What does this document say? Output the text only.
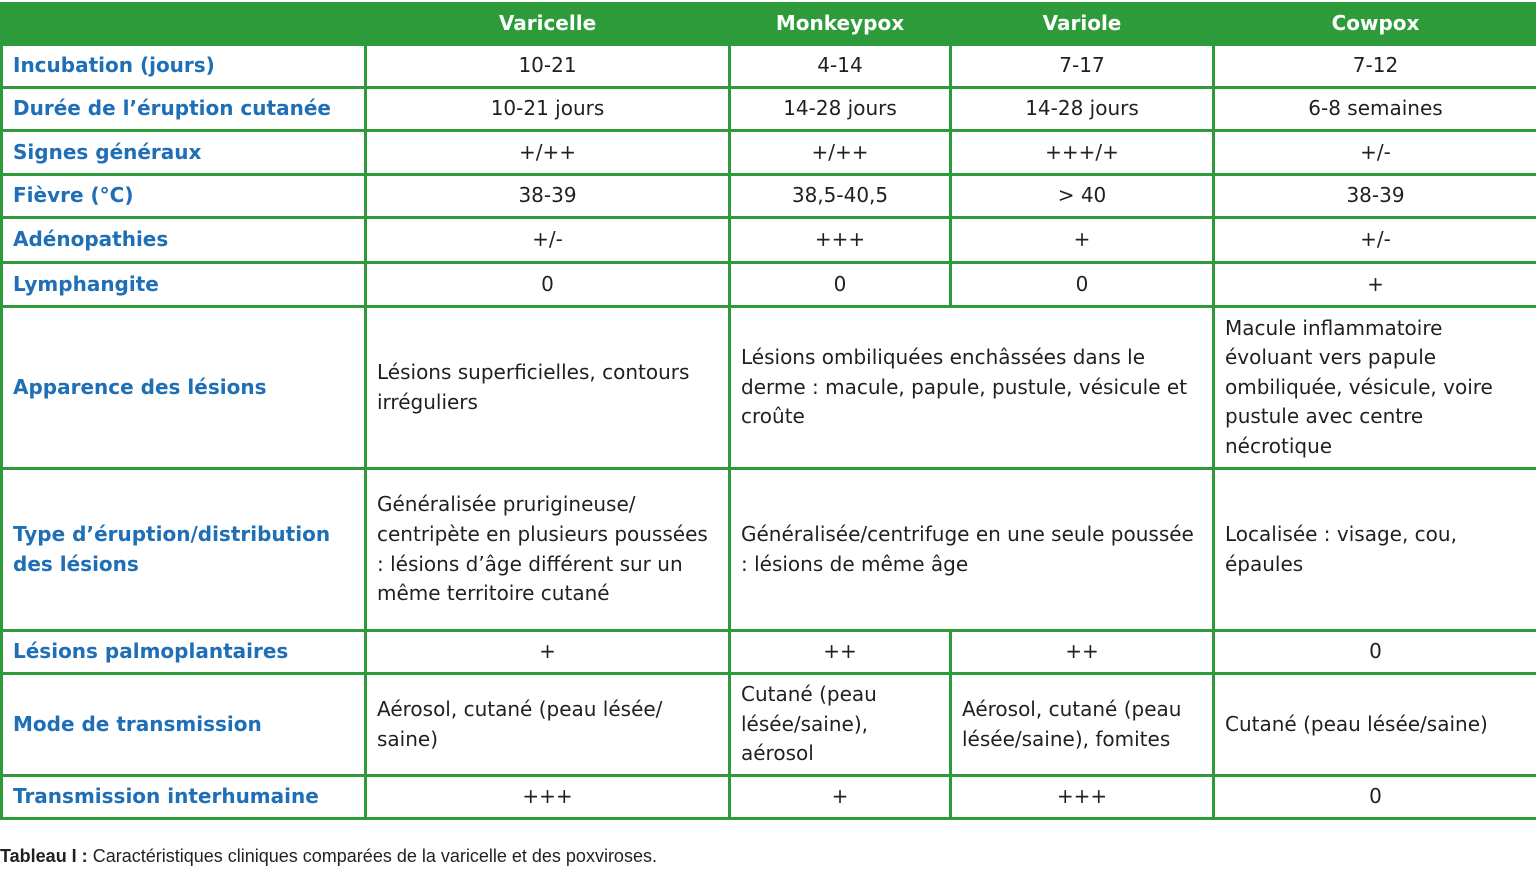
	Varicelle	Monkeypox	Variole	Cowpox
Incubation (jours)	10-21	4-14	7-17	7-12
Durée de l’éruption cutanée	10-21 jours	14-28 jours	14-28 jours	6-8 semaines
Signes généraux	+/++	+/++	+++/+	+/-
Fièvre (°C)	38-39	38,5-40,5	> 40	38-39
Adénopathies	+/-	+++	+	+/-
Lymphangite	0	0	0	+
Apparence des lésions	Lésions superficielles, contours irréguliers	Lésions ombiliquées enchâssées dans le derme : macule, papule, pustule, vésicule et croûte		Macule inflammatoire évoluant vers papule ombiliquée, vésicule, voire pustule avec centre nécrotique
Type d’éruption/distribution des lésions	Généralisée prurigineuse/ centripète en plusieurs poussées : lésions d’âge différent sur un même territoire cutané	Généralisée/centrifuge en une seule poussée : lésions de même âge		Localisée : visage, cou, épaules
Lésions palmoplantaires	+	++	++	0
Mode de transmission	Aérosol, cutané (peau lésée/ saine)	Cutané (peau lésée/saine), aérosol	Aérosol, cutané (peau lésée/saine), fomites	Cutané (peau lésée/saine)
Transmission interhumaine	+++	+	+++	0
Tableau I : Caractéristiques cliniques comparées de la varicelle et des poxviroses.
